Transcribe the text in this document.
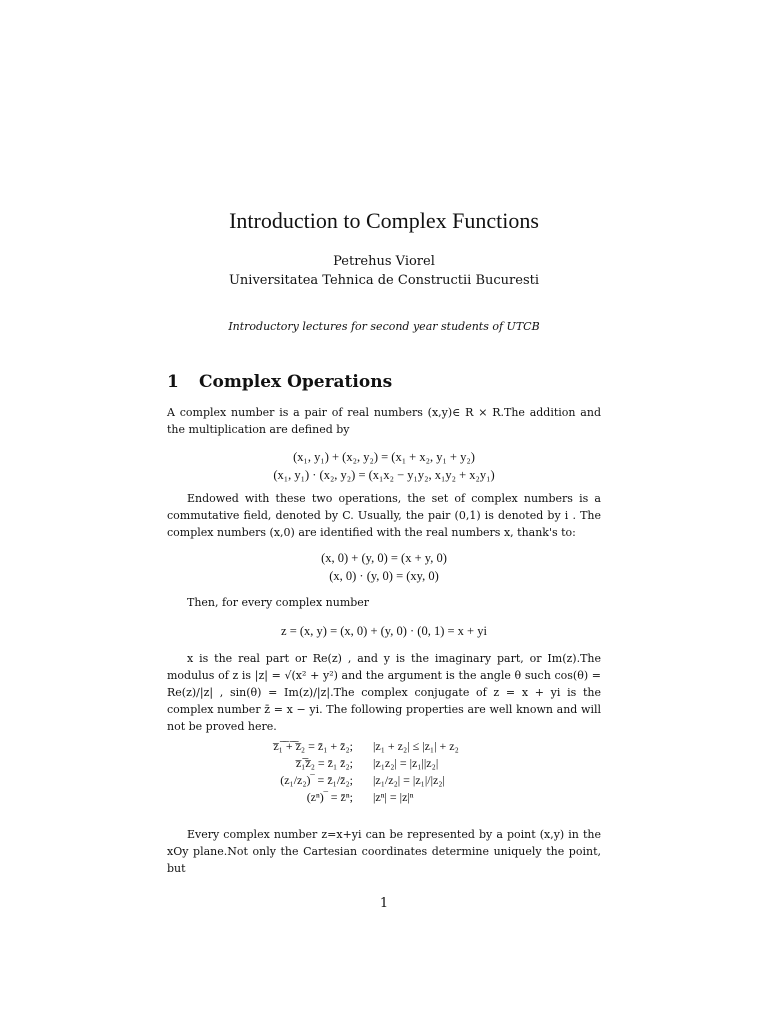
Introduction to Complex Functions
Petrehus Viorel
Universitatea Tehnica de Constructii Bucuresti
Introductory lectures for second year students of UTCB
1 Complex Operations
A complex number is a pair of real numbers (x,y)∈ R × R.The addition and the multiplication are defined by
(x₁, y₁) + (x₂, y₂) = (x₁ + x₂, y₁ + y₂)
(x₁, y₁) · (x₂, y₂) = (x₁x₂ − y₁y₂, x₁y₂ + x₂y₁)
Endowed with these two operations, the set of complex numbers is a commutative field, denoted by C. Usually, the pair (0,1) is denoted by i . The complex numbers (x,0) are identified with the real numbers x, thank's to:
(x, 0) + (y, 0) = (x + y, 0)
(x, 0) · (y, 0) = (xy, 0)
Then, for every complex number
z = (x, y) = (x, 0) + (y, 0) · (0, 1) = x + yi
x is the real part or Re(z) , and y is the imaginary part, or Im(z).The modulus of z is |z| = √(x² + y²) and the argument is the angle θ such cos(θ) = Re(z)/|z| , sin(θ) = Im(z)/|z|.The complex conjugate of z = x + yi is the complex number z̄ = x − yi. The following properties are well known and will not be proved here.
z̅₁̅ ̅+̅ ̅z̅₂ = z̄₁ + z̄₂;	|z₁ + z₂| ≤ |z₁| + z₂
z̅₁̅z̅₂ = z̄₁ z̄₂;	|z₁z₂| = |z₁||z₂|
(z₁/z₂)‾ = z̄₁/z̄₂;	|z₁/z₂| = |z₁|/|z₂|
(zⁿ)‾ = z̄ⁿ;	|zⁿ| = |z|ⁿ
Every complex number z=x+yi can be represented by a point (x,y) in the xOy plane.Not only the Cartesian coordinates determine uniquely the point, but
1
